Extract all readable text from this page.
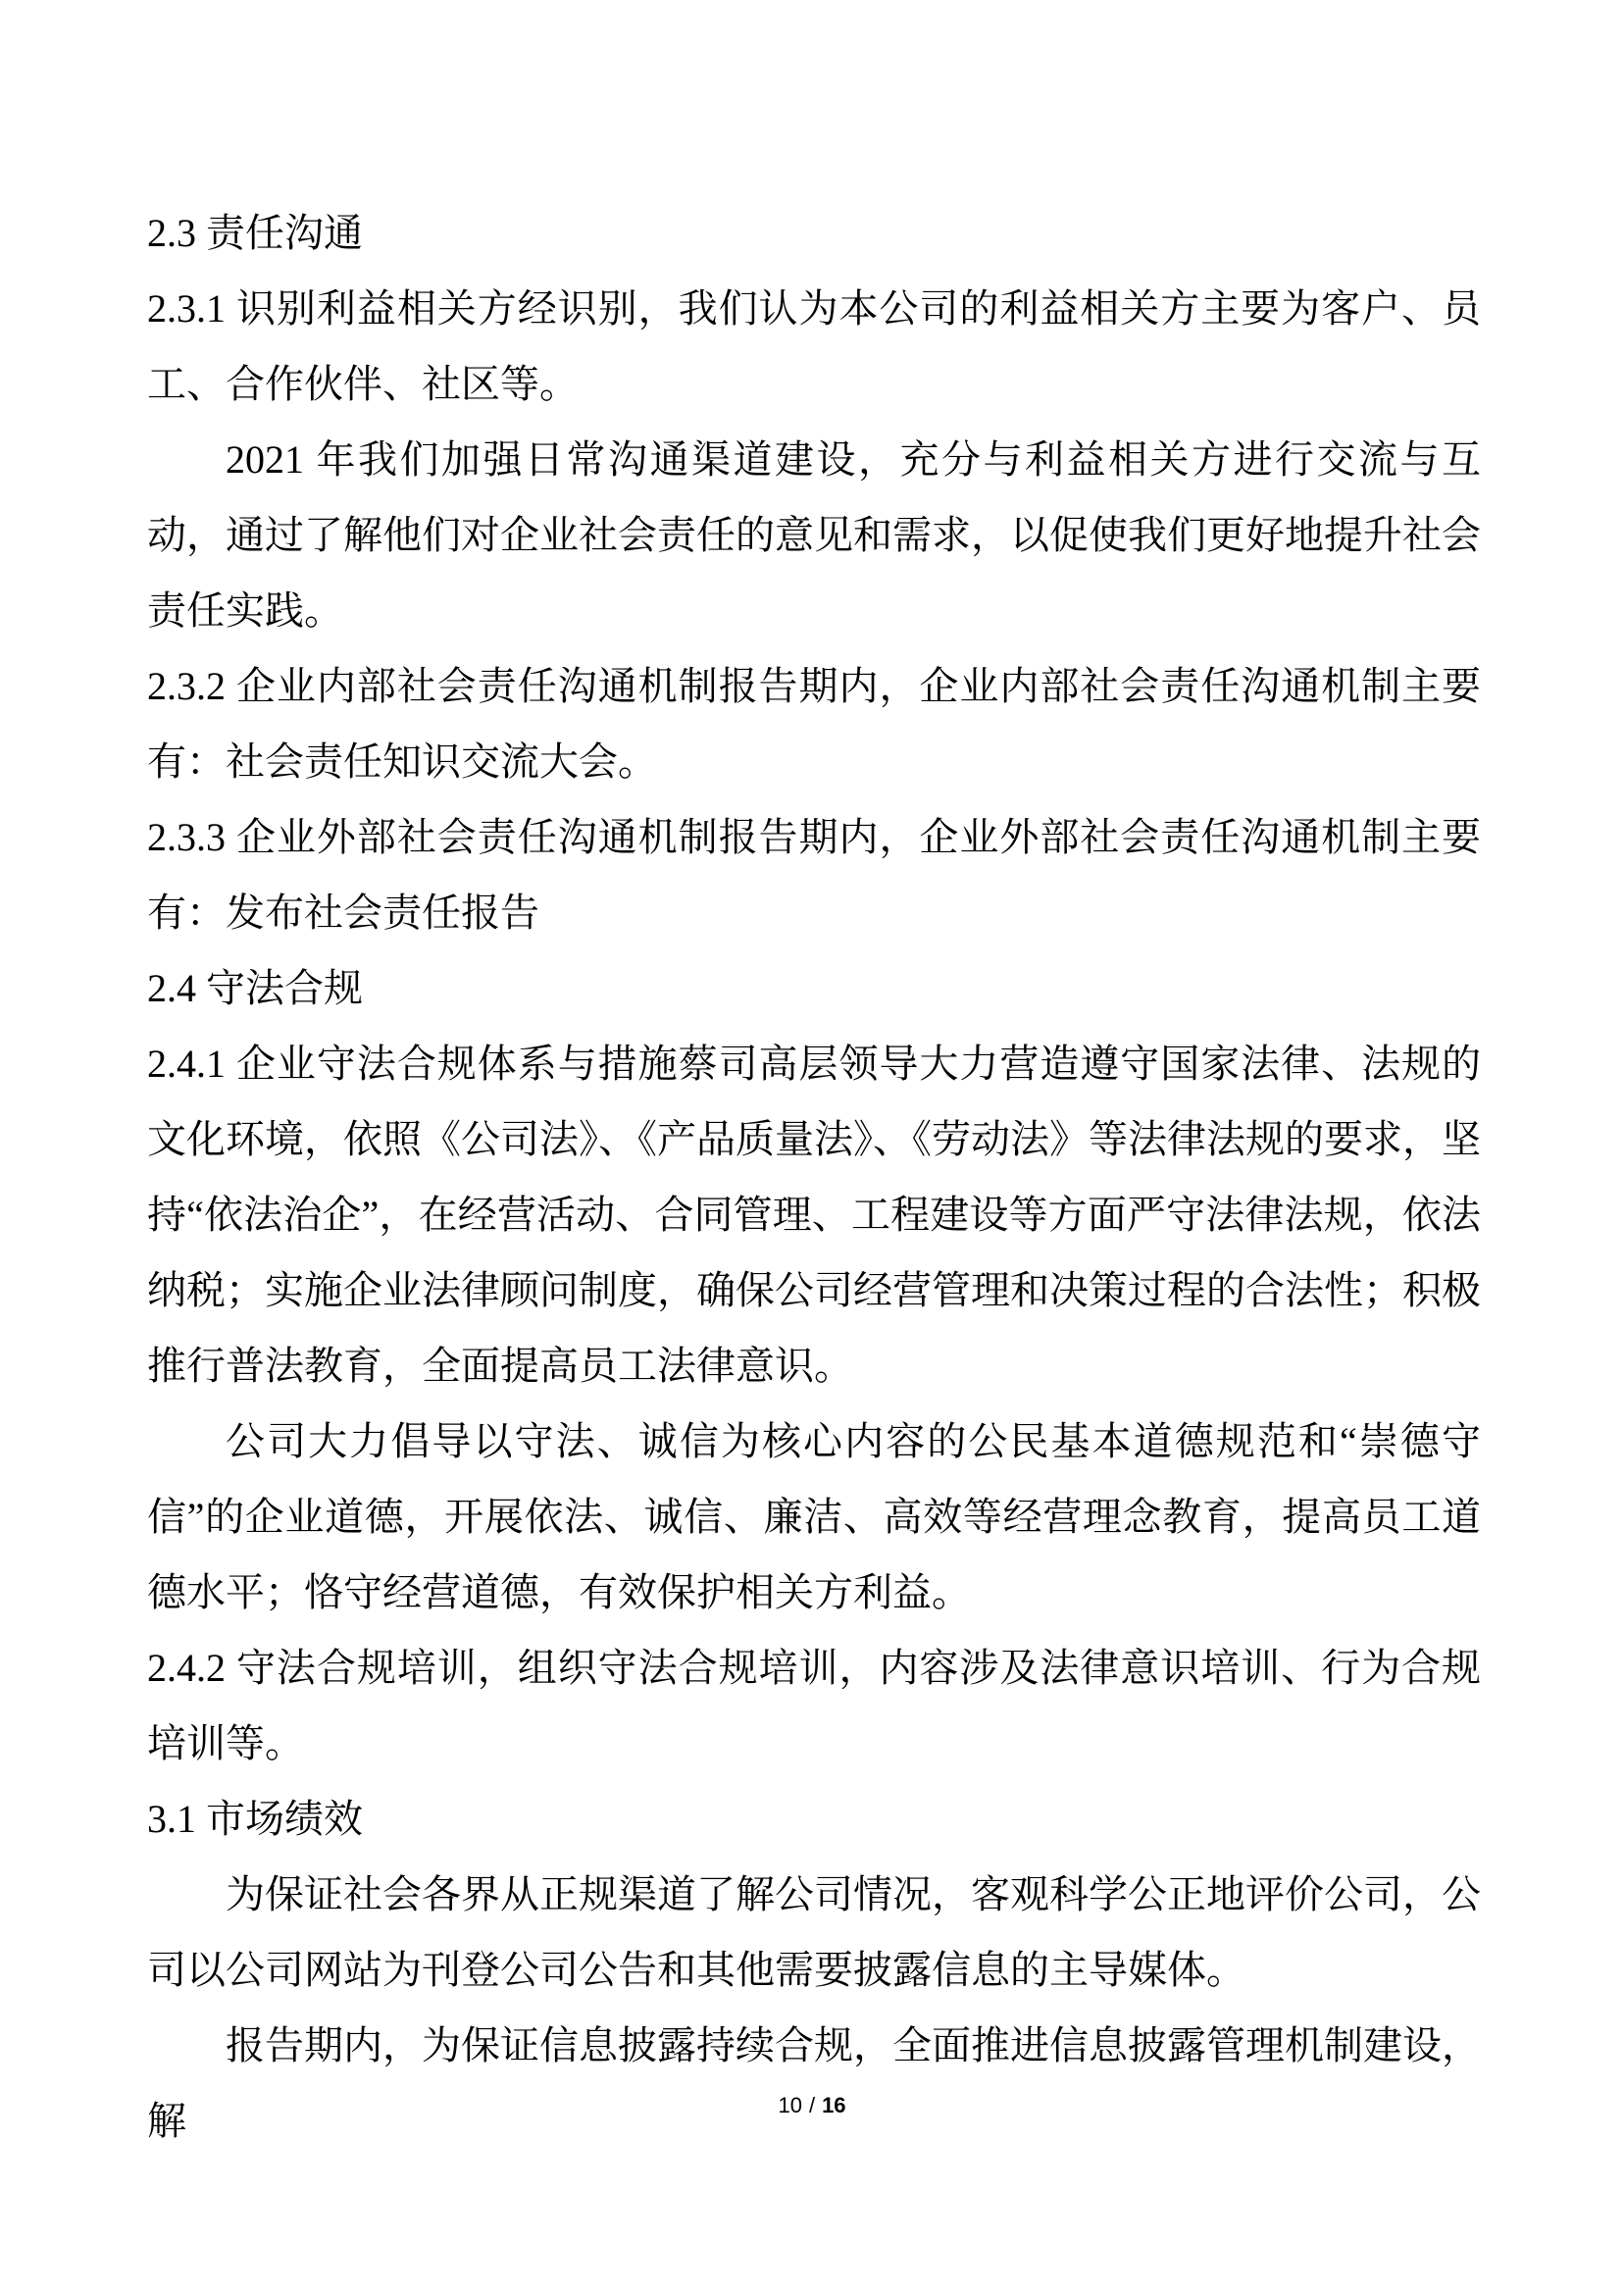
2.3 责任沟通

2.3.1 识别利益相关方经识别，我们认为本公司的利益相关方主要为客户、员工、合作伙伴、社区等。

2021 年我们加强日常沟通渠道建设，充分与利益相关方进行交流与互动，通过了解他们对企业社会责任的意见和需求，以促使我们更好地提升社会责任实践。

2.3.2 企业内部社会责任沟通机制报告期内，企业内部社会责任沟通机制主要有：社会责任知识交流大会。

2.3.3 企业外部社会责任沟通机制报告期内，企业外部社会责任沟通机制主要有：发布社会责任报告

2.4 守法合规

2.4.1 企业守法合规体系与措施蔡司高层领导大力营造遵守国家法律、法规的文化环境，依照《公司法》、《产品质量法》、《劳动法》等法律法规的要求，坚持“依法治企”，在经营活动、合同管理、工程建设等方面严守法律法规，依法纳税；实施企业法律顾问制度，确保公司经营管理和决策过程的合法性；积极推行普法教育，全面提高员工法律意识。

公司大力倡导以守法、诚信为核心内容的公民基本道德规范和“崇德守信”的企业道德，开展依法、诚信、廉洁、高效等经营理念教育，提高员工道德水平；恪守经营道德，有效保护相关方利益。

2.4.2 守法合规培训，组织守法合规培训，内容涉及法律意识培训、行为合规培训等。

3.1 市场绩效

为保证社会各界从正规渠道了解公司情况，客观科学公正地评价公司，公司以公司网站为刊登公司公告和其他需要披露信息的主导媒体。

报告期内，为保证信息披露持续合规，全面推进信息披露管理机制建设，解	10 / 16
